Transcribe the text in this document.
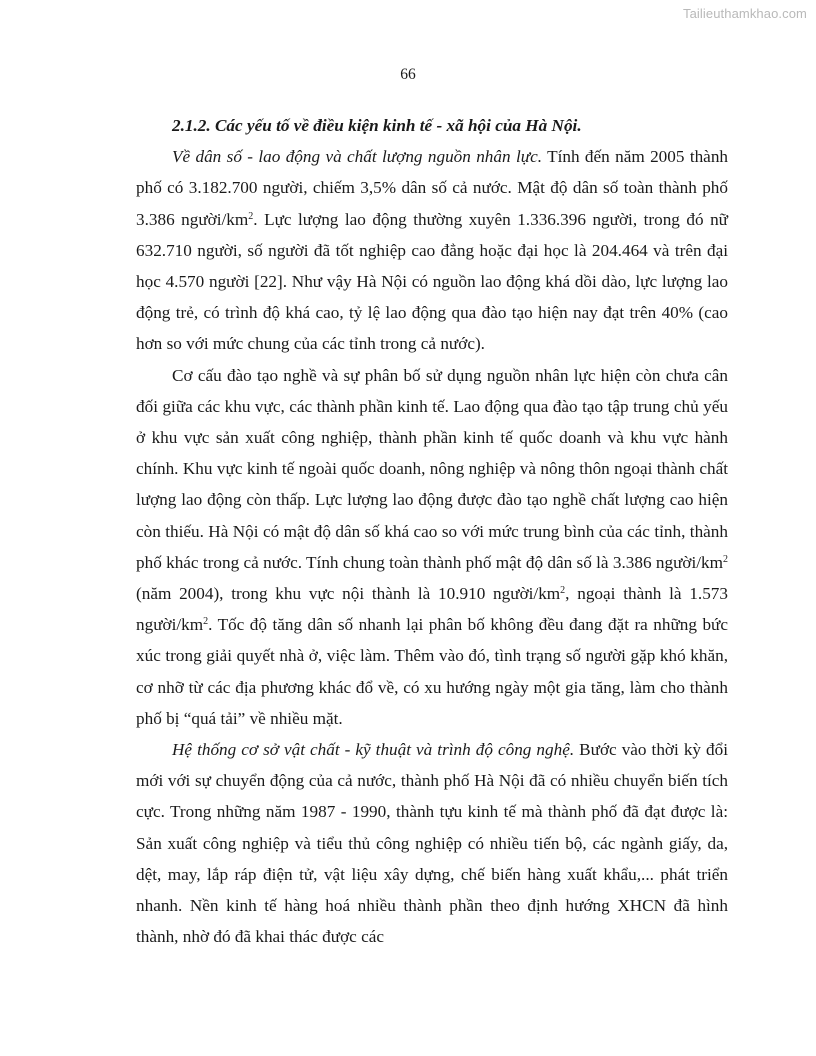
Tailieuthamkhao.com
66
2.1.2. Các yếu tố về điều kiện kinh tế - xã hội của Hà Nội.

Về dân số - lao động và chất lượng nguồn nhân lực. Tính đến năm 2005 thành phố có 3.182.700 người, chiếm 3,5% dân số cả nước. Mật độ dân số toàn thành phố 3.386 người/$km^2$. Lực lượng lao động thường xuyên 1.336.396 người, trong đó nữ 632.710 người, số người đã tốt nghiệp cao đẳng hoặc đại học là 204.464 và trên đại học 4.570 người [22]. Như vậy Hà Nội có nguồn lao động khá dồi dào, lực lượng lao động trẻ, có trình độ khá cao, tỷ lệ lao động qua đào tạo hiện nay đạt trên 40% (cao hơn so với mức chung của các tỉnh trong cả nước).

Cơ cấu đào tạo nghề và sự phân bố sử dụng nguồn nhân lực hiện còn chưa cân đối giữa các khu vực, các thành phần kinh tế. Lao động qua đào tạo tập trung chủ yếu ở khu vực sản xuất công nghiệp, thành phần kinh tế quốc doanh và khu vực hành chính. Khu vực kinh tế ngoài quốc doanh, nông nghiệp và nông thôn ngoại thành chất lượng lao động còn thấp. Lực lượng lao động được đào tạo nghề chất lượng cao hiện còn thiếu. Hà Nội có mật độ dân số khá cao so với mức trung bình của các tỉnh, thành phố khác trong cả nước. Tính chung toàn thành phố mật độ dân số là 3.386 người/$km^2$ (năm 2004), trong khu vực nội thành là 10.910 người/$km^2$, ngoại thành là 1.573 người/$km^2$. Tốc độ tăng dân số nhanh lại phân bố không đều đang đặt ra những bức xúc trong giải quyết nhà ở, việc làm. Thêm vào đó, tình trạng số người gặp khó khăn, cơ nhỡ từ các địa phương khác đổ về, có xu hướng ngày một gia tăng, làm cho thành phố bị “quá tải” về nhiều mặt.

Hệ thống cơ sở vật chất - kỹ thuật và trình độ công nghệ. Bước vào thời kỳ đổi mới với sự chuyển động của cả nước, thành phố Hà Nội đã có nhiều chuyển biến tích cực. Trong những năm 1987 - 1990, thành tựu kinh tế mà thành phố đã đạt được là: Sản xuất công nghiệp và tiểu thủ công nghiệp có nhiều tiến bộ, các ngành giấy, da, dệt, may, lắp ráp điện tử, vật liệu xây dựng, chế biến hàng xuất khẩu,... phát triển nhanh. Nền kinh tế hàng hoá nhiều thành phần theo định hướng XHCN đã hình thành, nhờ đó đã khai thác được các
